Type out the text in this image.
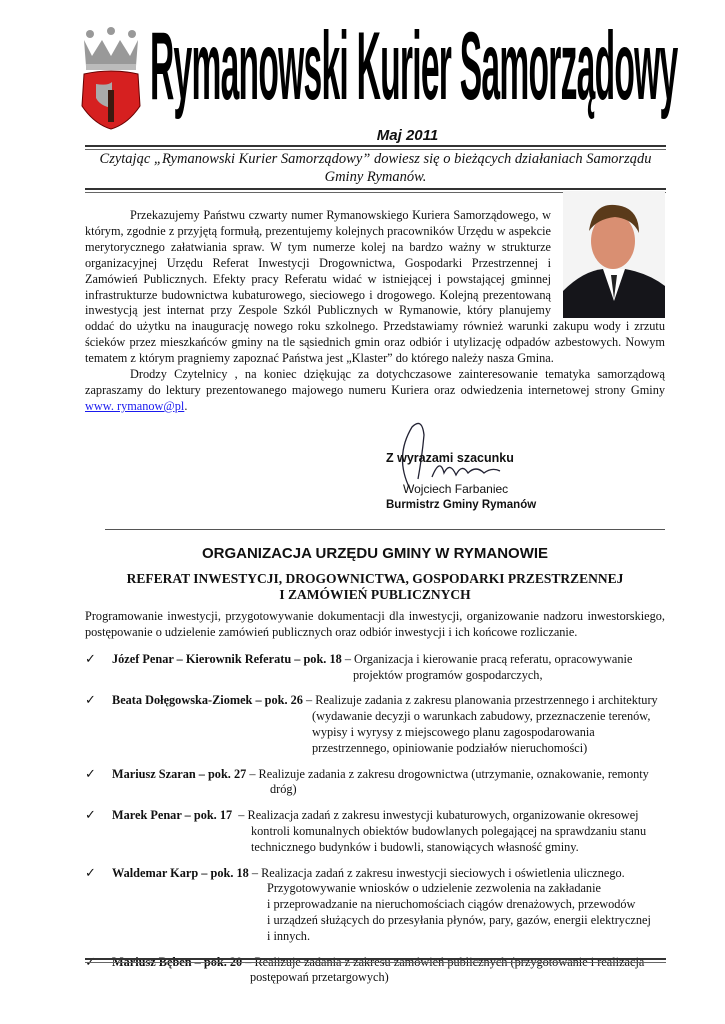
Rymanowski Kurier Samorządowy
Maj 2011
Czytając „Rymanowski Kurier Samorządowy” dowiesz się o bieżących działaniach Samorządu
Gminy Rymanów.

Przekazujemy Państwu czwarty numer Rymanowskiego Kuriera Samorządowego, w którym, zgodnie z przyjętą formułą, prezentujemy kolejnych pracowników Urzędu w aspekcie merytorycznego załatwiania spraw. W tym numerze kolej na bardzo ważny w strukturze organizacyjnej Urzędu Referat Inwestycji Drogownictwa, Gospodarki Przestrzennej i Zamówień Publicznych. Efekty pracy Referatu widać w istniejącej i powstającej gminnej infrastrukturze budownictwa kubaturowego, sieciowego i drogowego. Kolejną prezentowaną inwestycją jest internat przy Zespole Szkól Publicznych w Rymanowie, który planujemy oddać do użytku na inaugurację nowego roku szkolnego. Przedstawiamy również warunki zakupu wody i zrzutu ścieków przez mieszkańców gminy na tle sąsiednich gmin oraz odbiór i utylizację odpadów azbestowych. Nowym tematem z którym pragniemy zapoznać Państwa jest „Klaster” do którego należy nasza Gmina.

Drodzy Czytelnicy , na koniec dziękując za dotychczasowe zainteresowanie tematyka samorządową zapraszamy do lektury prezentowanego majowego numeru Kuriera oraz odwiedzenia internetowej strony Gminy www. rymanow@pl.

Z wyrazami szacunku
Wojciech Farbaniec
Burmistrz Gminy Rymanów
ORGANIZACJA URZĘDU GMINY W RYMANOWIE
REFERAT INWESTYCJI, DROGOWNICTWA, GOSPODARKI PRZESTRZENNEJ
I ZAMÓWIEŃ PUBLICZNYCH
Programowanie inwestycji, przygotowywanie dokumentacji dla inwestycji, organizowanie nadzoru inwestorskiego, postępowanie o udzielenie zamówień publicznych oraz odbiór inwestycji i ich końcowe rozliczanie.
✓ Józef Penar – Kierownik Referatu – pok. 18 – Organizacja i kierowanie pracą referatu, opracowywanie
projektów programów gospodarczych,
✓ Beata Dołęgowska-Ziomek – pok. 26 – Realizuje zadania z zakresu planowania przestrzennego i architektury
(wydawanie decyzji o warunkach zabudowy, przeznaczenie terenów,
wypisy i wyrysy z miejscowego planu zagospodarowania
przestrzennego, opiniowanie podziałów nieruchomości)
✓ Mariusz Szaran – pok. 27 – Realizuje zadania z zakresu drogownictwa (utrzymanie, oznakowanie, remonty
dróg)
✓ Marek Penar – pok. 17 – Realizacja zadań z zakresu inwestycji kubaturowych, organizowanie okresowej
kontroli komunalnych obiektów budowlanych polegającej na sprawdzaniu stanu
technicznego budynków i budowli, stanowiących własność gminy.
✓ Waldemar Karp – pok. 18 – Realizacja zadań z zakresu inwestycji sieciowych i oświetlenia ulicznego.
Przygotowywanie wniosków o udzielenie zezwolenia na zakładanie
i przeprowadzanie na nieruchomościach ciągów drenażowych, przewodów
i urządzeń służących do przesyłania płynów, pary, gazów, energii elektrycznej
i innych.
✓ Mariusz Bęben – pok. 20 – Realizuje zadania z zakresu zamówień publicznych (przygotowanie i realizacja
postępowań przetargowych)
